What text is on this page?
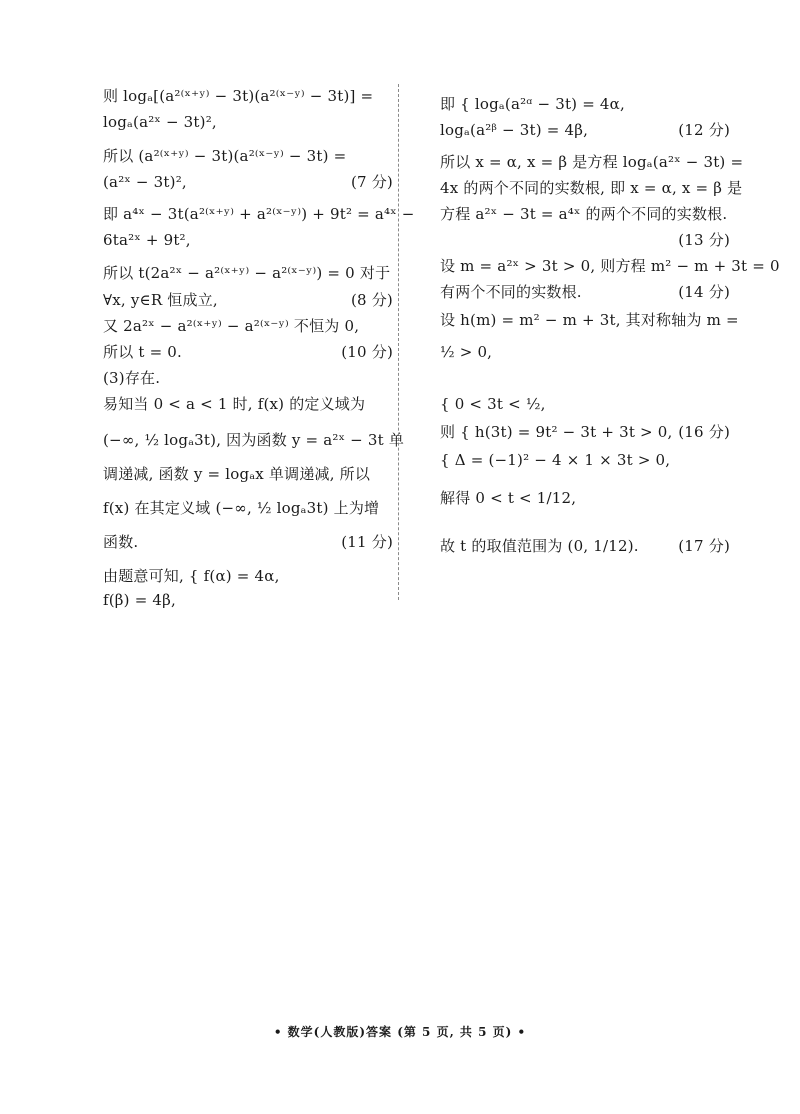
则 logₐ[(a²⁽ˣ⁺ʸ⁾ − 3t)(a²⁽ˣ⁻ʸ⁾ − 3t)] =
logₐ(a²ˣ − 3t)²,
所以 (a²⁽ˣ⁺ʸ⁾ − 3t)(a²⁽ˣ⁻ʸ⁾ − 3t) =
(a²ˣ − 3t)²,	(7 分)
即 a⁴ˣ − 3t(a²⁽ˣ⁺ʸ⁾ + a²⁽ˣ⁻ʸ⁾) + 9t² = a⁴ˣ −
6ta²ˣ + 9t²,
所以 t(2a²ˣ − a²⁽ˣ⁺ʸ⁾ − a²⁽ˣ⁻ʸ⁾) = 0 对于
∀x, y∈R 恒成立,	(8 分)
又 2a²ˣ − a²⁽ˣ⁺ʸ⁾ − a²⁽ˣ⁻ʸ⁾ 不恒为 0,
所以 t = 0.	(10 分)
(3)存在.
易知当 0 < a < 1 时, f(x) 的定义域为
(−∞, ½ logₐ3t), 因为函数 y = a²ˣ − 3t 单
调递减, 函数 y = logₐx 单调递减, 所以
f(x) 在其定义域 (−∞, ½ logₐ3t) 上为增
函数.	(11 分)
由题意可知, { f(α) = 4α,
f(β) = 4β,
即 { logₐ(a²ᵅ − 3t) = 4α,
logₐ(a²ᵝ − 3t) = 4β,	(12 分)
所以 x = α, x = β 是方程 logₐ(a²ˣ − 3t) =
4x 的两个不同的实数根, 即 x = α, x = β 是
方程 a²ˣ − 3t = a⁴ˣ 的两个不同的实数根.
(13 分)
设 m = a²ˣ > 3t > 0, 则方程 m² − m + 3t = 0
有两个不同的实数根.	(14 分)
设 h(m) = m² − m + 3t, 其对称轴为 m =
½ > 0,
{ 0 < 3t < ½,
则 { h(3t) = 9t² − 3t + 3t > 0, (16 分)
{ Δ = (−1)² − 4 × 1 × 3t > 0,
解得 0 < t < 1/12,
故 t 的取值范围为 (0, 1/12).	(17 分)
• 数学(人教版)答案 (第 5 页, 共 5 页) •
